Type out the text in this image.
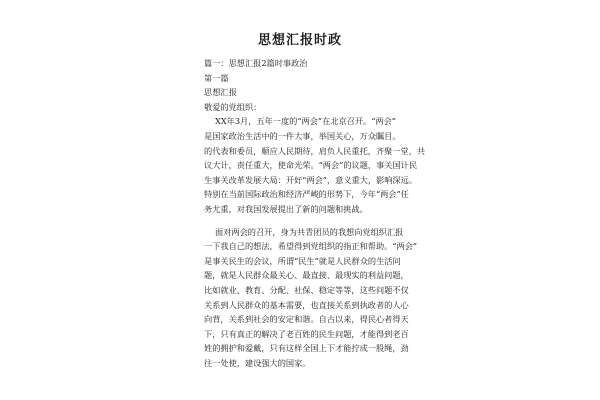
思想汇报时政
篇一：思想汇报2篇时事政治
第一篇
思想汇报
敬爱的党组织：
XX年3月，五年一度的“两会”在北京召开。“两会”
是国家政治生活中的一件大事，举国关心，万众瞩目。
的代表和委员，顺应人民期待，肩负人民重托，齐聚一堂，共
议大计，责任重大，使命光荣。“两会”的议题，事关国计民
生事关改革发展大局：开好“两会”，意义重大，影响深远。
特别在当前国际政治和经济严峻的形势下，今年“两会”任
务尤重，对我国发展提出了新的问题和挑战。
面对两会的召开，身为共青团员的我想向党组织汇报
一下我自己的想法，希望得到党组织的指正和帮助。“两会”
是事关民生的会议，所谓“民生”就是人民群众的生活问
题，就是人民群众最关心、最直接、最现实的利益问题，
比如就业、教育、分配、社保、稳定等等，这些问题不仅
关系到人民群众的基本需要，也直接关系到执政者的人心
向背，关系到社会的安定和谐。自古以来，得民心者得天
下，只有真正的解决了老百姓的民生问题，才能得到老百
姓的拥护和爱戴，只有这样全国上下才能拧成一股绳，劲
往一处使，建设强大的国家。
